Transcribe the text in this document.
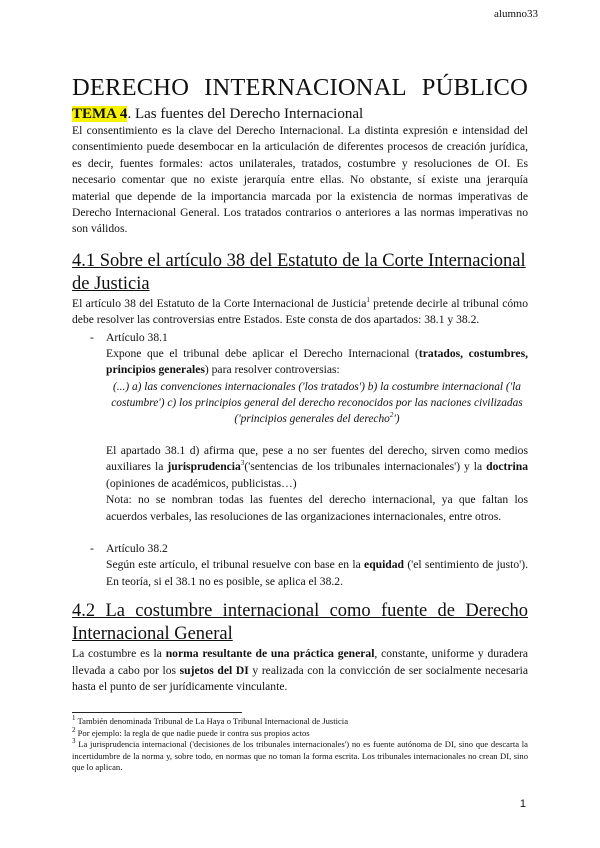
alumno33
DERECHO INTERNACIONAL PÚBLICO
TEMA 4. Las fuentes del Derecho Internacional

El consentimiento es la clave del Derecho Internacional. La distinta expresión e intensidad del consentimiento puede desembocar en la articulación de diferentes procesos de creación jurídica, es decir, fuentes formales: actos unilaterales, tratados, costumbre y resoluciones de OI. Es necesario comentar que no existe jerarquía entre ellas. No obstante, sí existe una jerarquía material que depende de la importancia marcada por la existencia de normas imperativas de Derecho Internacional General. Los tratados contrarios o anteriores a las normas imperativas no son válidos.

4.1 Sobre el artículo 38 del Estatuto de la Corte Internacional de Justicia

El artículo 38 del Estatuto de la Corte Internacional de Justicia$^1$ pretende decirle al tribunal cómo debe resolver las controversias entre Estados. Este consta de dos apartados: 38.1 y 38.2.

- Artículo 38.1

Expone que el tribunal debe aplicar el Derecho Internacional (tratados, costumbres, principios generales) para resolver controversias:

(...) a) las convenciones internacionales ('los tratados') b) la costumbre internacional ('la costumbre') c) los principios general del derecho reconocidos por las naciones civilizadas ('principios generales del derecho$^2$')

El apartado 38.1 d) afirma que, pese a no ser fuentes del derecho, sirven como medios auxiliares la jurisprudencia$^3$('sentencias de los tribunales internacionales') y la doctrina (opiniones de académicos, publicistas…)

Nota: no se nombran todas las fuentes del derecho internacional, ya que faltan los acuerdos verbales, las resoluciones de las organizaciones internacionales, entre otros.

- Artículo 38.2

Según este artículo, el tribunal resuelve con base en la equidad ('el sentimiento de justo'). En teoría, si el 38.1 no es posible, se aplica el 38.2.

4.2 La costumbre internacional como fuente de Derecho Internacional General

La costumbre es la norma resultante de una práctica general, constante, uniforme y duradera llevada a cabo por los sujetos del DI y realizada con la convicción de ser socialmente necesaria hasta el punto de ser jurídicamente vinculante.

$^1$ También denominada Tribunal de La Haya o Tribunal Internacional de Justicia
$^2$ Por ejemplo: la regla de que nadie puede ir contra sus propios actos
$^3$ La jurisprudencia internacional ('decisiones de los tribunales internacionales') no es fuente autónoma de DI, sino que descarta la incertidumbre de la norma y, sobre todo, en normas que no toman la forma escrita. Los tribunales internacionales no crean DI, sino que lo aplican.
1
